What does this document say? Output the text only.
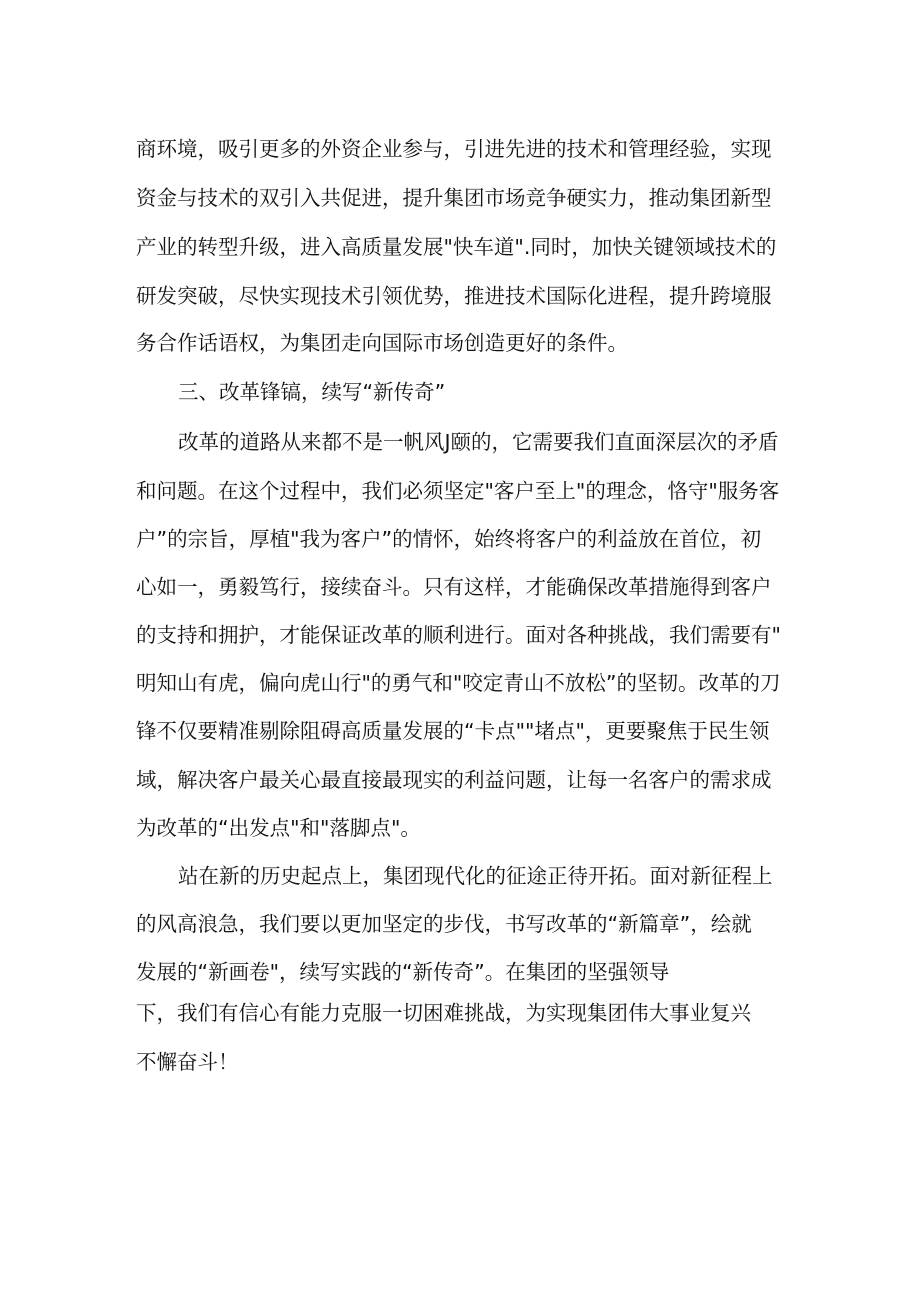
商环境，吸引更多的外资企业参与，引进先进的技术和管理经验，实现
资金与技术的双引入共促进，提升集团市场竞争硬实力，推动集团新型
产业的转型升级，进入高质量发展"快车道".同时，加快关键领域技术的
研发突破，尽快实现技术引领优势，推进技术国际化进程，提升跨境服
务合作话语权，为集团走向国际市场创造更好的条件。
三、改革锋镐，续写“新传奇”
改革的道路从来都不是一帆风J颐的，它需要我们直面深层次的矛盾
和问题。在这个过程中，我们必须坚定"客户至上"的理念，恪守"服务客
户”的宗旨，厚植"我为客户”的情怀，始终将客户的利益放在首位，初
心如一，勇毅笃行，接续奋斗。只有这样，才能确保改革措施得到客户
的支持和拥护，才能保证改革的顺利进行。面对各种挑战，我们需要有"
明知山有虎，偏向虎山行"的勇气和"咬定青山不放松”的坚韧。改革的刀
锋不仅要精准剔除阻碍高质量发展的“卡点""堵点"，更要聚焦于民生领
域，解决客户最关心最直接最现实的利益问题，让每一名客户的需求成
为改革的“出发点"和"落脚点"。
站在新的历史起点上，集团现代化的征途正待开拓。面对新征程上
的风高浪急，我们要以更加坚定的步伐，书写改革的“新篇章”，绘就
发展的“新画卷"，续写实践的“新传奇”。在集团的坚强领导
下，我们有信心有能力克服一切困难挑战，为实现集团伟大事业复兴
不懈奋斗！
